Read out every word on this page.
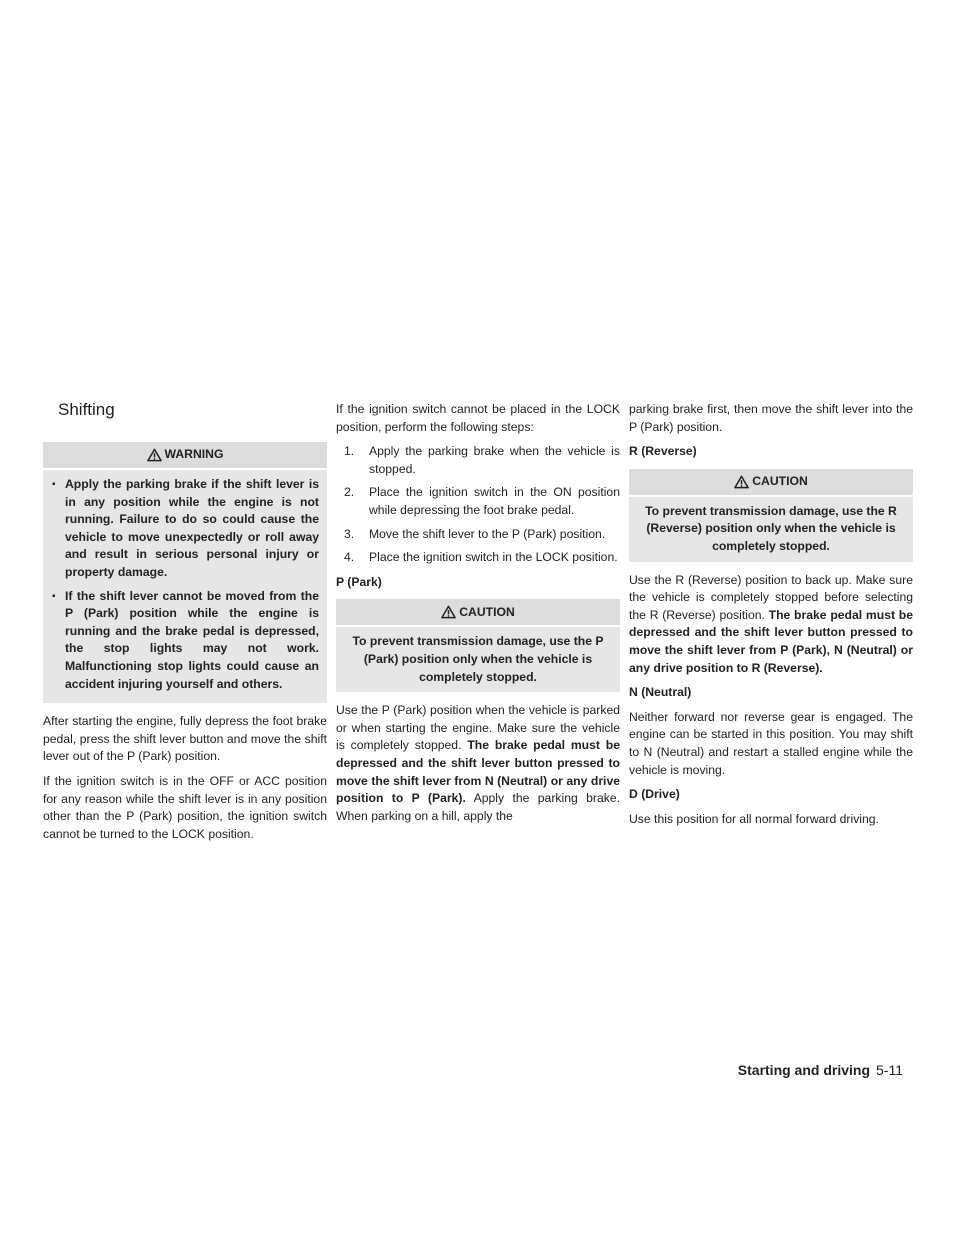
Shifting
WARNING
▪ Apply the parking brake if the shift lever is in any position while the engine is not running. Failure to do so could cause the vehicle to move unexpectedly or roll away and result in serious personal injury or property damage.
▪ If the shift lever cannot be moved from the P (Park) position while the engine is running and the brake pedal is depressed, the stop lights may not work. Malfunctioning stop lights could cause an accident injuring yourself and others.

After starting the engine, fully depress the foot brake pedal, press the shift lever button and move the shift lever out of the P (Park) position.

If the ignition switch is in the OFF or ACC position for any reason while the shift lever is in any position other than the P (Park) position, the ignition switch cannot be turned to the LOCK position.

If the ignition switch cannot be placed in the LOCK position, perform the following steps:

1. Apply the parking brake when the vehicle is stopped.
2. Place the ignition switch in the ON position while depressing the foot brake pedal.
3. Move the shift lever to the P (Park) position.
4. Place the ignition switch in the LOCK position.

P (Park)

CAUTION
To prevent transmission damage, use the P (Park) position only when the vehicle is completely stopped.

Use the P (Park) position when the vehicle is parked or when starting the engine. Make sure the vehicle is completely stopped. The brake pedal must be depressed and the shift lever button pressed to move the shift lever from N (Neutral) or any drive position to P (Park). Apply the parking brake. When parking on a hill, apply the

parking brake first, then move the shift lever into the P (Park) position.

R (Reverse)

CAUTION
To prevent transmission damage, use the R (Reverse) position only when the vehicle is completely stopped.

Use the R (Reverse) position to back up. Make sure the vehicle is completely stopped before selecting the R (Reverse) position. The brake pedal must be depressed and the shift lever button pressed to move the shift lever from P (Park), N (Neutral) or any drive position to R (Reverse).

N (Neutral)

Neither forward nor reverse gear is engaged. The engine can be started in this position. You may shift to N (Neutral) and restart a stalled engine while the vehicle is moving.

D (Drive)

Use this position for all normal forward driving.

Starting and driving 5-11
